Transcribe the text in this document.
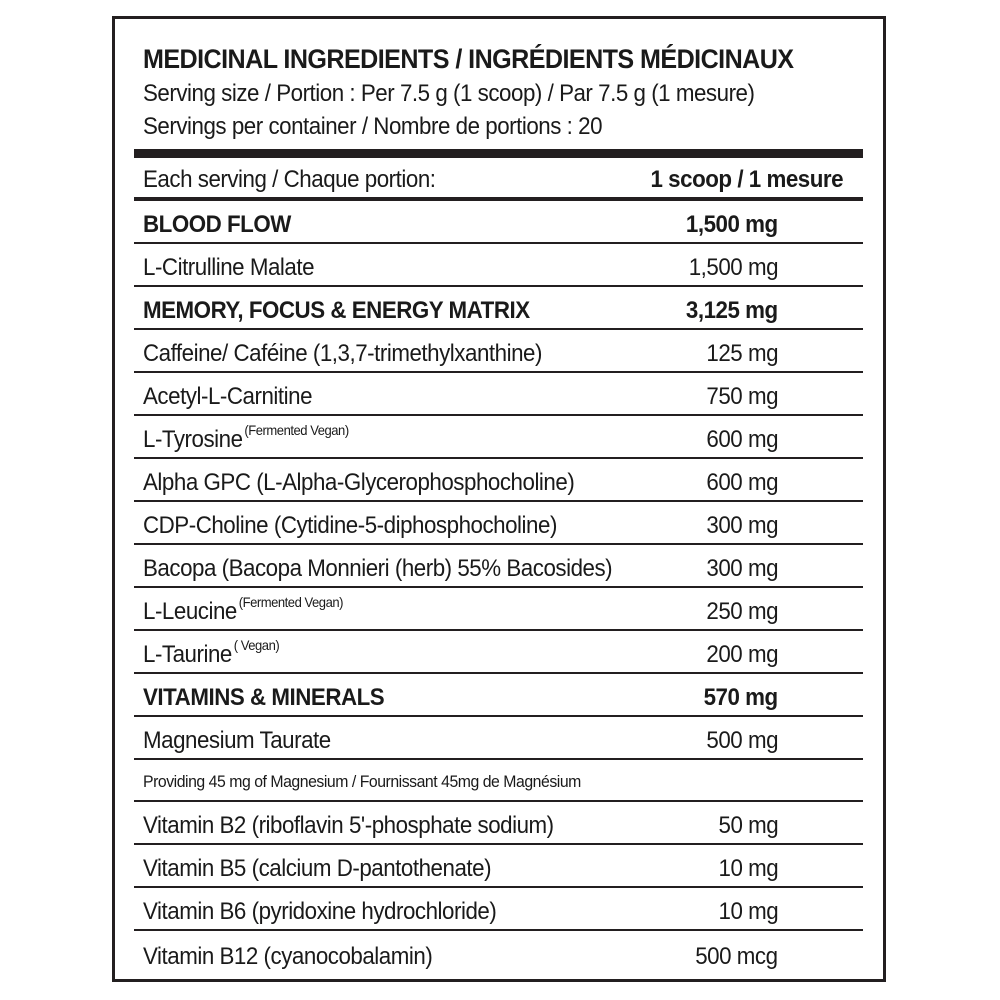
MEDICINAL INGREDIENTS / INGRÉDIENTS MÉDICINAUX
Serving size / Portion : Per 7.5 g (1 scoop) / Par 7.5 g (1 mesure)
Servings per container / Nombre de portions : 20
Each serving / Chaque portion:	1 scoop / 1 mesure
BLOOD FLOW	1,500 mg
L-Citrulline Malate	1,500 mg
MEMORY, FOCUS & ENERGY MATRIX	3,125 mg
Caffeine/ Caféine (1,3,7-trimethylxanthine)	125 mg
Acetyl-L-Carnitine	750 mg
L-Tyrosine $^{(Fermented Vegan)}$	600 mg
Alpha GPC (L-Alpha-Glycerophosphocholine)	600 mg
CDP-Choline (Cytidine-5-diphosphocholine)	300 mg
Bacopa (Bacopa Monnieri (herb) 55% Bacosides)	300 mg
L-Leucine $^{(Fermented Vegan)}$	250 mg
L-Taurine $^{( Vegan)}$	200 mg
VITAMINS & MINERALS	570 mg
Magnesium Taurate	500 mg
Providing 45 mg of Magnesium / Fournissant 45mg de Magnésium
Vitamin B2 (riboflavin 5'-phosphate sodium)	50 mg
Vitamin B5 (calcium D-pantothenate)	10 mg
Vitamin B6 (pyridoxine hydrochloride)	10 mg
Vitamin B12 (cyanocobalamin)	500 mcg
